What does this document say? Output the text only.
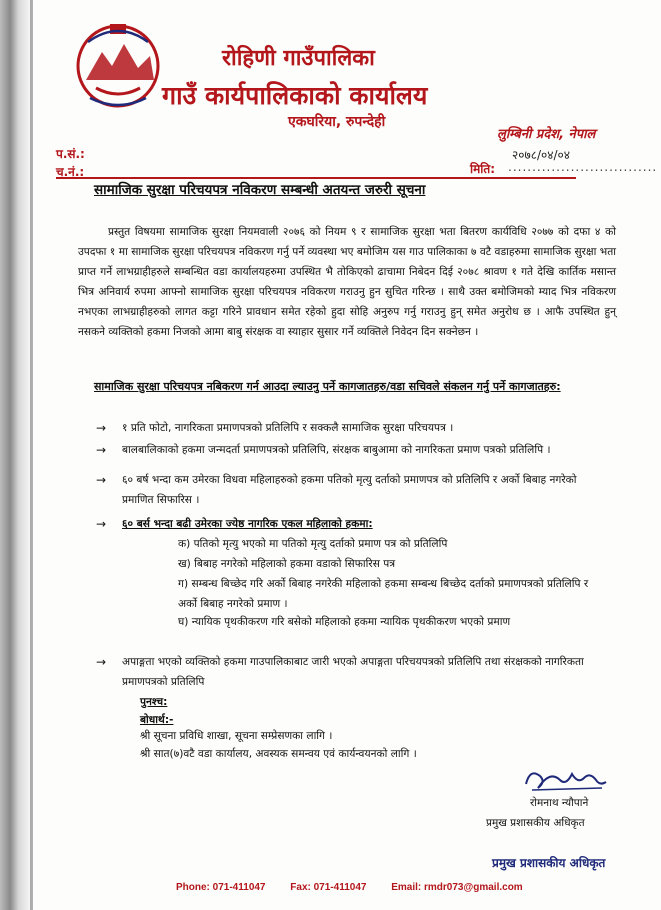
रोहिणी गाउँपालिका
गाउँ कार्यपालिकाको कार्यालय
एकघरिया, रुपन्देही
लुम्बिनी प्रदेश, नेपाल
२०७८/०४/०४
प.सं.:
च.नं.:	मिति: ...............................
सामाजिक सुरक्षा परिचयपत्र नविकरण सम्बन्धी अतयन्त जरुरी सूचना
प्रस्तुत विषयमा सामाजिक सुरक्षा नियमवाली २०७६ को नियम ९ र सामाजिक सुरक्षा भता बितरण कार्यविधि २०७७ को दफा ४ को उपदफा १ मा सामाजिक सुरक्षा परिचयपत्र नविकरण गर्नु पर्ने व्यवस्था भए बमोजिम यस गाउ पालिकाका ७ वटै वडाहरुमा सामाजिक सुरक्षा भता प्राप्त गर्ने लाभग्राहीहरुले सम्बन्धित वडा कार्यालयहरुमा उपस्थित भै तोकिएको ढाचामा निबेदन दिई २०७८ श्रावण १ गते देखि कार्तिक मसान्त भित्र अनिवार्य रुपमा आफ्नो सामाजिक सुरक्षा परिचयपत्र नविकरण गराउनु हुन सुचित गरिन्छ । साथै उक्त बमोजिमको म्याद भित्र नविकरण नभएका लाभग्राहीहरुको लागत कट्टा गरिने प्रावधान समेत रहेको हुदा सोहि अनुरुप गर्नु गराउनु हुन् समेत अनुरोध छ । आफै उपस्थित हुन् नसकने व्यक्तिको हकमा निजको आमा बाबु संरक्षक वा स्याहार सुसार गर्ने व्यक्तिले निवेदन दिन सक्नेछन ।
सामाजिक सुरक्षा परिचयपत्र नबिकरण गर्न आउदा ल्याउनु पर्ने कागजातहरु/वडा सचिवले संकलन गर्नु पर्ने कागजातहरु:
→ १ प्रति फोटो, नागरिकता प्रमाणपत्रको प्रतिलिपि र सक्कलै सामाजिक सुरक्षा परिचयपत्र ।
→ बालबालिकाको हकमा जन्मदर्ता प्रमाणपत्रको प्रतिलिपि, संरक्षक बाबुआमा को नागरिकता प्रमाण पत्रको प्रतिलिपि ।
→ ६० बर्ष भन्दा कम उमेरका विधवा महिलाहरुको हकमा पतिको मृत्यु दर्ताको प्रमाणपत्र को प्रतिलिपि र अर्को बिबाह नगरेको प्रमाणित सिफारिस ।
→ ६० बर्स भन्दा बढी उमेरका ज्येष्ठ नागरिक एकल महिलाको हकमा:
क) पतिको मृत्यु भएको मा पतिको मृत्यु दर्ताको प्रमाण पत्र को प्रतिलिपि
ख) बिबाह नगरेको महिलाको हकमा वडाको सिफारिस पत्र
ग) सम्बन्ध बिच्छेद गरि अर्को बिबाह नगरेकी महिलाको हकमा सम्बन्ध बिच्छेद दर्ताको प्रमाणपत्रको प्रतिलिपि र अर्को बिबाह नगरेको प्रमाण ।
घ) न्यायिक पृथकीकरण गरि बसेको महिलाको हकमा न्यायिक पृथकीकरण भएको प्रमाण
→ अपाङ्गता भएको व्यक्तिको हकमा गाउपालिकाबाट जारी भएको अपाङ्गता परिचयपत्रको प्रतिलिपि तथा संरक्षकको नागरिकता प्रमाणपत्रको प्रतिलिपि
पुनश्च:
बोधार्थ:-
श्री सूचना प्रविधि शाखा, सूचना सम्प्रेसणका लागि ।
श्री सात(७)वटै वडा कार्यालय, अवस्यक समन्वय एवं कार्यन्वयनको लागि ।
रोमनाथ न्यौपाने
प्रमुख प्रशासकीय अधिकृत
प्रमुख प्रशासकीय अधिकृत
Phone: 071-411047 Fax: 071-411047 Email: rmdr073@gmail.com
